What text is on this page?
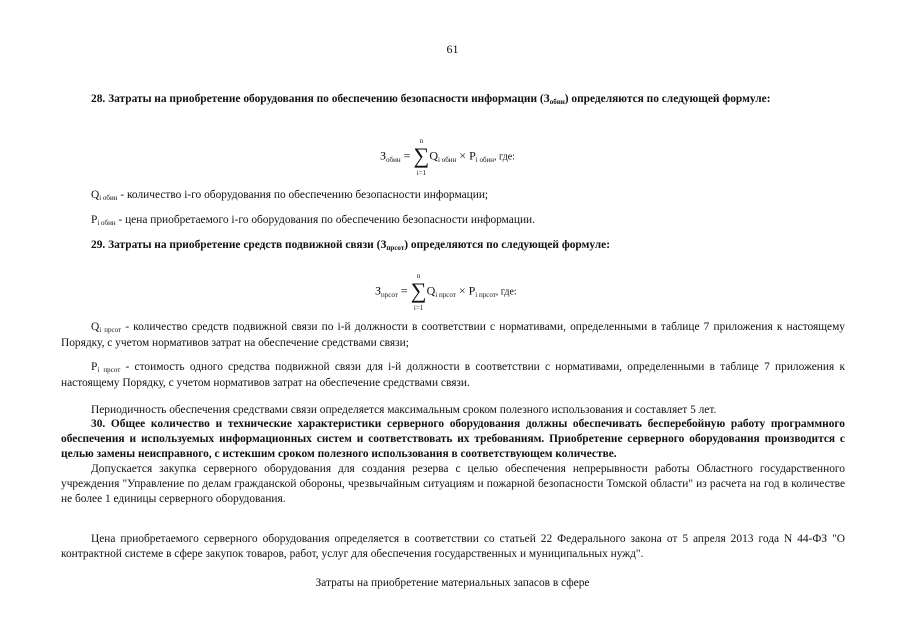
61

28. Затраты на приобретение оборудования по обеспечению безопасности информации (Зобин) определяются по следующей формуле:

$З_{обин}$ =
n
∑
i=1
$Q_{i обин} \times P_{i обин}$, где:

Qi обин - количество i-го оборудования по обеспечению безопасности информации;

Pi обин - цена приобретаемого i-го оборудования по обеспечению безопасности информации.

29. Затраты на приобретение средств подвижной связи (Зпрсот) определяются по следующей формуле:

$З_{прсот}$ =
n
∑
i=1
$Q_{i прсот} \times P_{i прсот}$, где:

Qi прсот - количество средств подвижной связи по i-й должности в соответствии с нормативами, определенными в таблице 7 приложения к настоящему Порядку, с учетом нормативов затрат на обеспечение средствами связи;

Pi прсот - стоимость одного средства подвижной связи для i-й должности в соответствии с нормативами, определенными в таблице 7 приложения к настоящему Порядку, с учетом нормативов затрат на обеспечение средствами связи.

Периодичность обеспечения средствами связи определяется максимальным сроком полезного использования и составляет 5 лет.

30. Общее количество и технические характеристики серверного оборудования должны обеспечивать бесперебойную работу программного обеспечения и используемых информационных систем и соответствовать их требованиям. Приобретение серверного оборудования производится с целью замены неисправного, с истекшим сроком полезного использования в соответствующем количестве.

Допускается закупка серверного оборудования для создания резерва с целью обеспечения непрерывности работы Областного государственного учреждения "Управление по делам гражданской обороны, чрезвычайным ситуациям и пожарной безопасности Томской области" из расчета на год в количестве не более 1 единицы серверного оборудования.

Цена приобретаемого серверного оборудования определяется в соответствии со статьей 22 Федерального закона от 5 апреля 2013 года N 44-ФЗ "О контрактной системе в сфере закупок товаров, работ, услуг для обеспечения государственных и муниципальных нужд".

Затраты на приобретение материальных запасов в сфере
